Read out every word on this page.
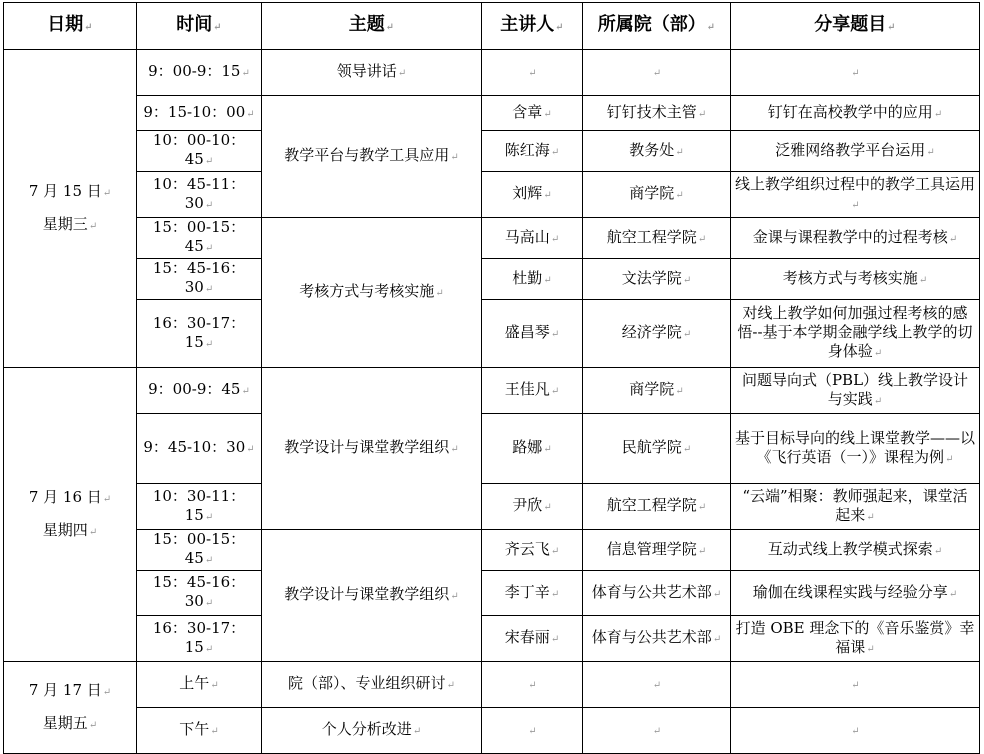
日期 ↵	时间 ↵	主题 ↵	主讲人 ↵	所属院（部） ↵	分享题目 ↵

7 月 15 日 ↵
星期三 ↵	9：00-9：15 ↵	领导讲话 ↵	↵	↵	↵
	9：15-10：00 ↵	教学平台与教学工具应用 ↵	含章 ↵	钉钉技术主管 ↵	钉钉在高校教学中的应用 ↵
	10：00-10：45 ↵		陈红海 ↵	教务处 ↵	泛雅网络教学平台运用 ↵
	10：45-11：30 ↵		刘辉 ↵	商学院 ↵	线上教学组织过程中的教学工具运用 ↵
	15：00-15：45 ↵	考核方式与考核实施 ↵	马高山 ↵	航空工程学院 ↵	金课与课程教学中的过程考核 ↵
	15：45-16：30 ↵		杜勤 ↵	文法学院 ↵	考核方式与考核实施 ↵
	16：30-17：15 ↵		盛昌琴 ↵	经济学院 ↵	对线上教学如何加强过程考核的感悟--基于本学期金融学线上教学的切身体验 ↵

7 月 16 日 ↵
星期四 ↵	9：00-9：45 ↵	教学设计与课堂教学组织 ↵	王佳凡 ↵	商学院 ↵	问题导向式（PBL）线上教学设计与实践 ↵
	9：45-10：30 ↵		路娜 ↵	民航学院 ↵	基于目标导向的线上课堂教学——以《飞行英语（一）》课程为例 ↵
	10：30-11：15 ↵		尹欣 ↵	航空工程学院 ↵	“云端”相聚：教师强起来，课堂活起来 ↵
	15：00-15：45 ↵	教学设计与课堂教学组织 ↵	齐云飞 ↵	信息管理学院 ↵	互动式线上教学模式探索 ↵
	15：45-16：30 ↵		李丁辛 ↵	体育与公共艺术部 ↵	瑜伽在线课程实践与经验分享 ↵
	16：30-17：15 ↵		宋春丽 ↵	体育与公共艺术部 ↵	打造 OBE 理念下的《音乐鉴赏》幸福课 ↵

7 月 17 日 ↵
星期五 ↵	上午 ↵	院（部）、专业组织研讨 ↵	↵	↵	↵
	下午 ↵	个人分析改进 ↵	↵	↵	↵
